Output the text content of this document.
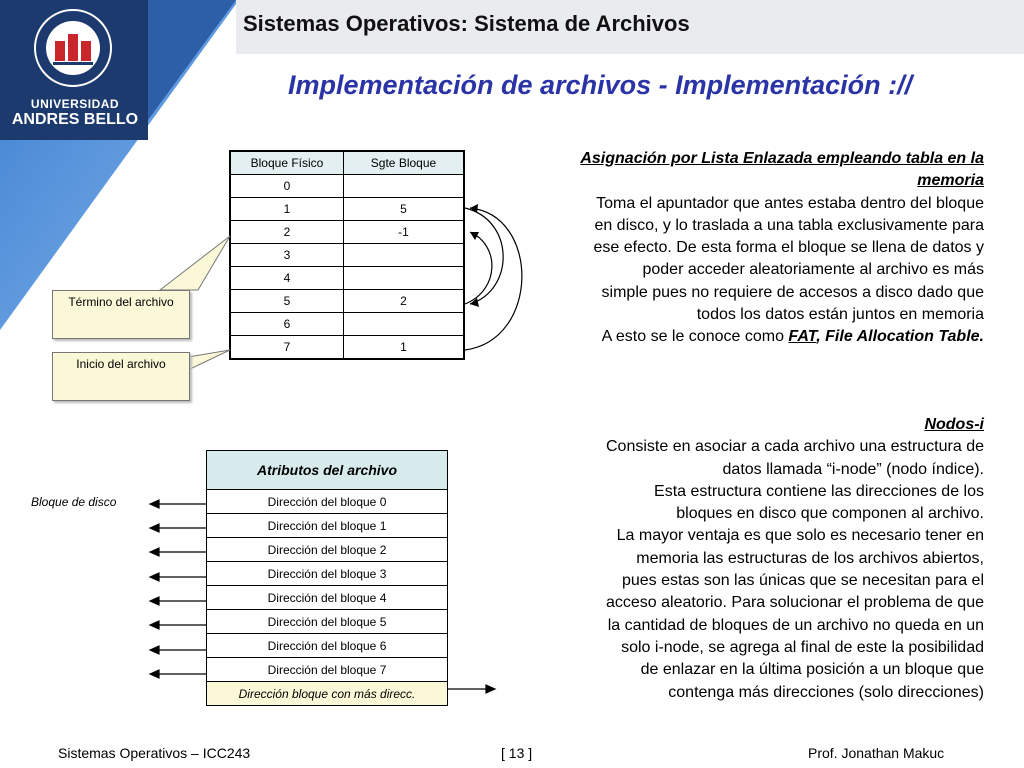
Sistemas Operativos: Sistema de Archivos
UNIVERSIDAD
ANDRES BELLO
Implementación de archivos - Implementación ://
Bloque Físico	Sgte Bloque
0	
1	5
2	-1
3	
4	
5	2
6	
7	1
Término del archivo
Inicio del archivo
Asignación por Lista Enlazada empleando tabla en la memoria
Toma el apuntador que antes estaba dentro del bloque
en disco, y lo traslada a una tabla exclusivamente para
ese efecto. De esta forma el bloque se llena de datos y
poder acceder aleatoriamente al archivo es más
simple pues no requiere de accesos a disco dado que
todos los datos están juntos en memoria
A esto se le conoce como FAT, File Allocation Table.
Atributos del archivo
Dirección del bloque 0
Dirección del bloque 1
Dirección del bloque 2
Dirección del bloque 3
Dirección del bloque 4
Dirección del bloque 5
Dirección del bloque 6
Dirección del bloque 7
Dirección bloque con más direcc.
Bloque de disco
Nodos-i
Consiste en asociar a cada archivo una estructura de
datos llamada “i-node” (nodo índice).
Esta estructura contiene las direcciones de los
bloques en disco que componen al archivo.
La mayor ventaja es que solo es necesario tener en
memoria las estructuras de los archivos abiertos,
pues estas son las únicas que se necesitan para el
acceso aleatorio. Para solucionar el problema de que
la cantidad de bloques de un archivo no queda en un
solo i-node, se agrega al final de este la posibilidad
de enlazar en la última posición a un bloque que
contenga más direcciones (solo direcciones)
Sistemas Operativos – ICC243	[ 13 ]	Prof. Jonathan Makuc
